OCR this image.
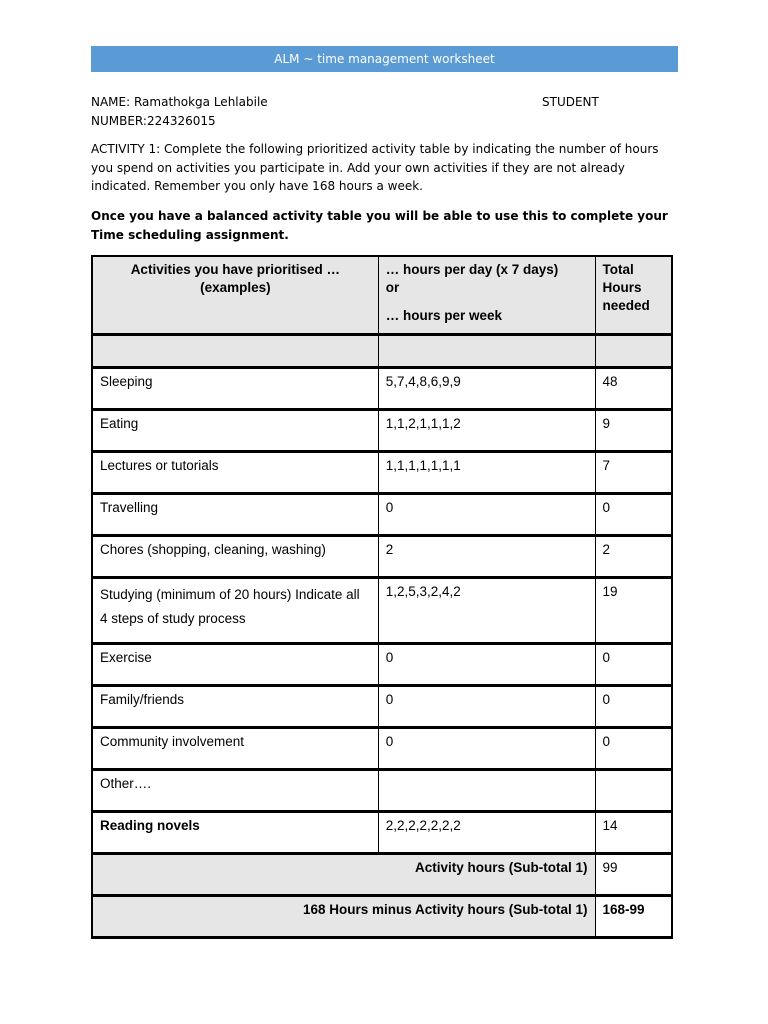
ALM ~ time management worksheet
NAME: Ramathokga Lehlabile	STUDENT
NUMBER:224326015
ACTIVITY 1: Complete the following prioritized activity table by indicating the number of hours you spend on activities you participate in. Add your own activities if they are not already indicated. Remember you only have 168 hours a week.
Once you have a balanced activity table you will be able to use this to complete your Time scheduling assignment.
Activities you have prioritised … (examples)	… hours per day (x 7 days)
or
… hours per week	Total Hours needed

Sleeping	5,7,4,8,6,9,9	48
Eating	1,1,2,1,1,1,2	9
Lectures or tutorials	1,1,1,1,1,1,1	7
Travelling	0	0
Chores (shopping, cleaning, washing)	2	2
Studying (minimum of 20 hours) Indicate all 4 steps of study process	1,2,5,3,2,4,2	19
Exercise	0	0
Family/friends	0	0
Community involvement	0	0
Other….		
Reading novels	2,2,2,2,2,2,2	14
Activity hours (Sub-total 1)		99
168 Hours minus Activity hours (Sub-total 1)		168-99
